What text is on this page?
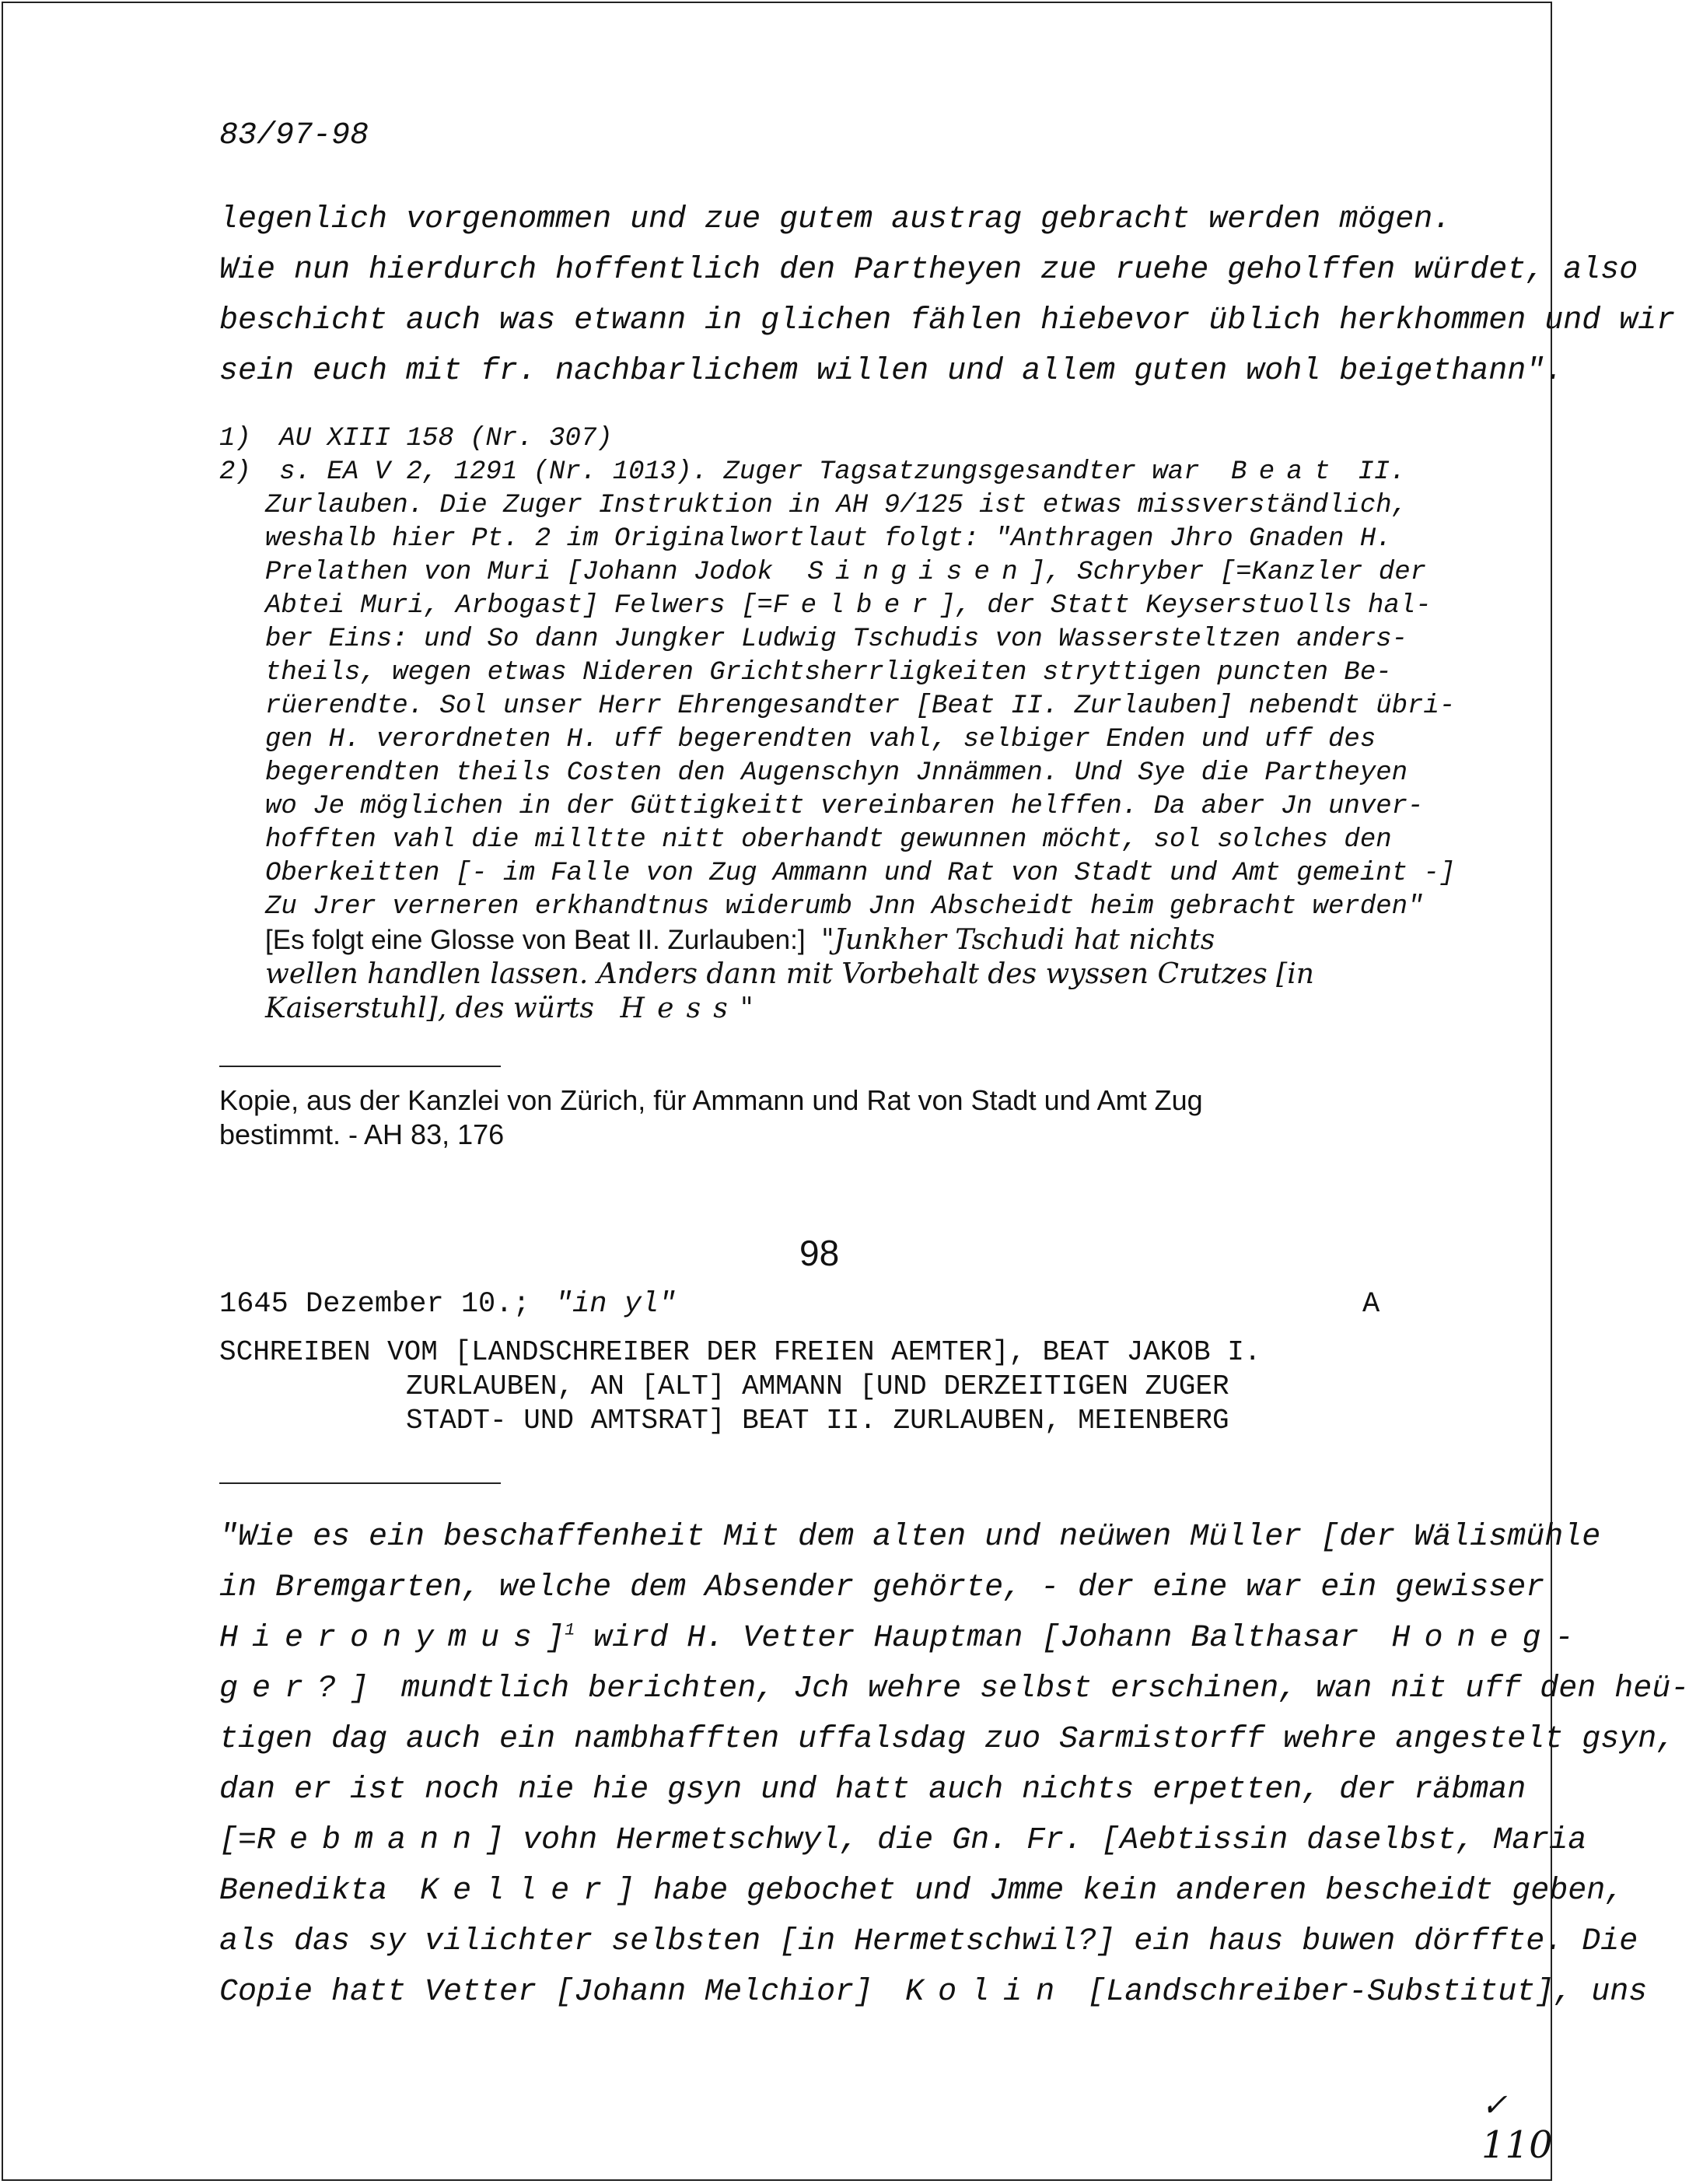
83/97-98

legenlich vorgenommen und zue gutem austrag gebracht werden mögen.

Wie nun hierdurch hoffentlich den Partheyen zue ruehe geholffen würdet, also

beschicht auch was etwann in glichen fählen hiebevor üblich herkhommen und wir

sein euch mit fr. nachbarlichem willen und allem guten wohl beigethann".

1) AU XIII 158 (Nr. 307)

2) s. EA V 2, 1291 (Nr. 1013). Zuger Tagsatzungsgesandter war Beat II.

Zurlauben. Die Zuger Instruktion in AH 9/125 ist etwas missverständlich,

weshalb hier Pt. 2 im Originalwortlaut folgt: "Anthragen Jhro Gnaden H.

Prelathen von Muri [Johann Jodok Singisen], Schryber [=Kanzler der

Abtei Muri, Arbogast] Felwers [=Felber], der Statt Keyserstuolls hal-

ber Eins: und So dann Jungker Ludwig Tschudis von Wassersteltzen anders-

theils, wegen etwas Nideren Grichtsherrligkeiten stryttigen puncten Be-

rüerendte. Sol unser Herr Ehrengesandter [Beat II. Zurlauben] nebendt übri-

gen H. verordneten H. uff begerendten vahl, selbiger Enden und uff des

begerendten theils Costen den Augenschyn Jnnämmen. Und Sye die Partheyen

wo Je möglichen in der Güttigkeitt vereinbaren helffen. Da aber Jn unver-

hofften vahl die milltte nitt oberhandt gewunnen möcht, sol solches den

Oberkeitten [- im Falle von Zug Ammann und Rat von Stadt und Amt gemeint -]

Zu Jrer verneren erkhandtnus widerumb Jnn Abscheidt heim gebracht werden"

[Es folgt eine Glosse von Beat II. Zurlauben:] "Junkher Tschudi hat nichts

wellen handlen lassen. Anders dann mit Vorbehalt des wyssen Crutzes [in

Kaiserstuhl], des würts Hess"

Kopie, aus der Kanzlei von Zürich, für Ammann und Rat von Stadt und Amt Zug

bestimmt. - AH 83, 176

98

1645 Dezember 10.; "in yl"	A

SCHREIBEN VOM [LANDSCHREIBER DER FREIEN AEMTER], BEAT JAKOB I.

ZURLAUBEN, AN [ALT] AMMANN [UND DERZEITIGEN ZUGER

STADT- UND AMTSRAT] BEAT II. ZURLAUBEN, MEIENBERG

"Wie es ein beschaffenheit Mit dem alten und neüwen Müller [der Wälismühle

in Bremgarten, welche dem Absender gehörte, - der eine war ein gewisser

Hieronymus]$^1$ wird H. Vetter Hauptman [Johann Balthasar Honeg-

ger?] mundtlich berichten, Jch wehre selbst erschinen, wan nit uff den heü-

tigen dag auch ein nambhafften uffalsdag zuo Sarmistorff wehre angestelt gsyn,

dan er ist noch nie hie gsyn und hatt auch nichts erpetten, der räbman

[=Rebmann] vohn Hermetschwyl, die Gn. Fr. [Aebtissin daselbst, Maria

Benedikta Keller] habe gebochet und Jmme kein anderen bescheidt geben,

als das sy vilichter selbsten [in Hermetschwil?] ein haus buwen dörffte. Die

Copie hatt Vetter [Johann Melchior] Kolin [Landschreiber-Substitut], uns

✓

110
